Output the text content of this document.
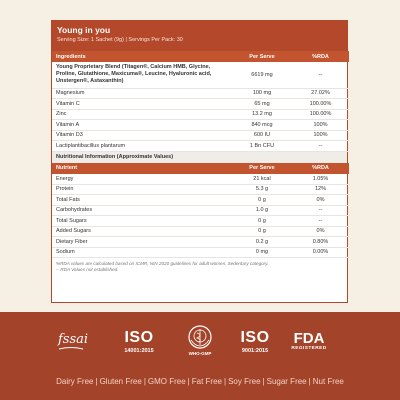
Young in you
Serving Size: 1 Sachet (9g) | Servings Per Pack: 30
Ingredients	Per Serve	%RDA
Young Proprietary Blend (Titagen®, Calcium HMB, Glycine, Proline, Glutathione, Maxicuma®, Leucine, Hyaluronic acid, Unstergen®, Astaxanthin)	6619 mg	--
Magnesium	100 mg	27.02%
Vitamin C	65 mg	100.00%
Zinc	13.2 mg	100.00%
Vitamin A	840 mcg	100%
Vitamin D3	600 IU	100%
Lactiplantibacillus plantarum	1 Bn CFU	--
Nutritional Information (Approximate Values)
Nutrient	Per Serve	%RDA
Energy	21 kcal	1.05%
Protein	5.3 g	12%
Total Fats	0 g	0%
Carbohydrates	1.0 g	--
Total Sugars	0 g	--
Added Sugars	0 g	0%
Dietary Fiber	0.2 g	0.80%
Sodium	0 mg	0.00%
%RDA values are calculated based on ICMR, NIN 2020 guidelines for adult women. Sedentary category.
-- RDA Values not established.
fssai	ISO
14001:2015	WHO-GMP
ISO
9001:2015
FDA
REGISTERED
Dairy Free | Gluten Free | GMO Free | Fat Free | Soy Free | Sugar Free | Nut Free
